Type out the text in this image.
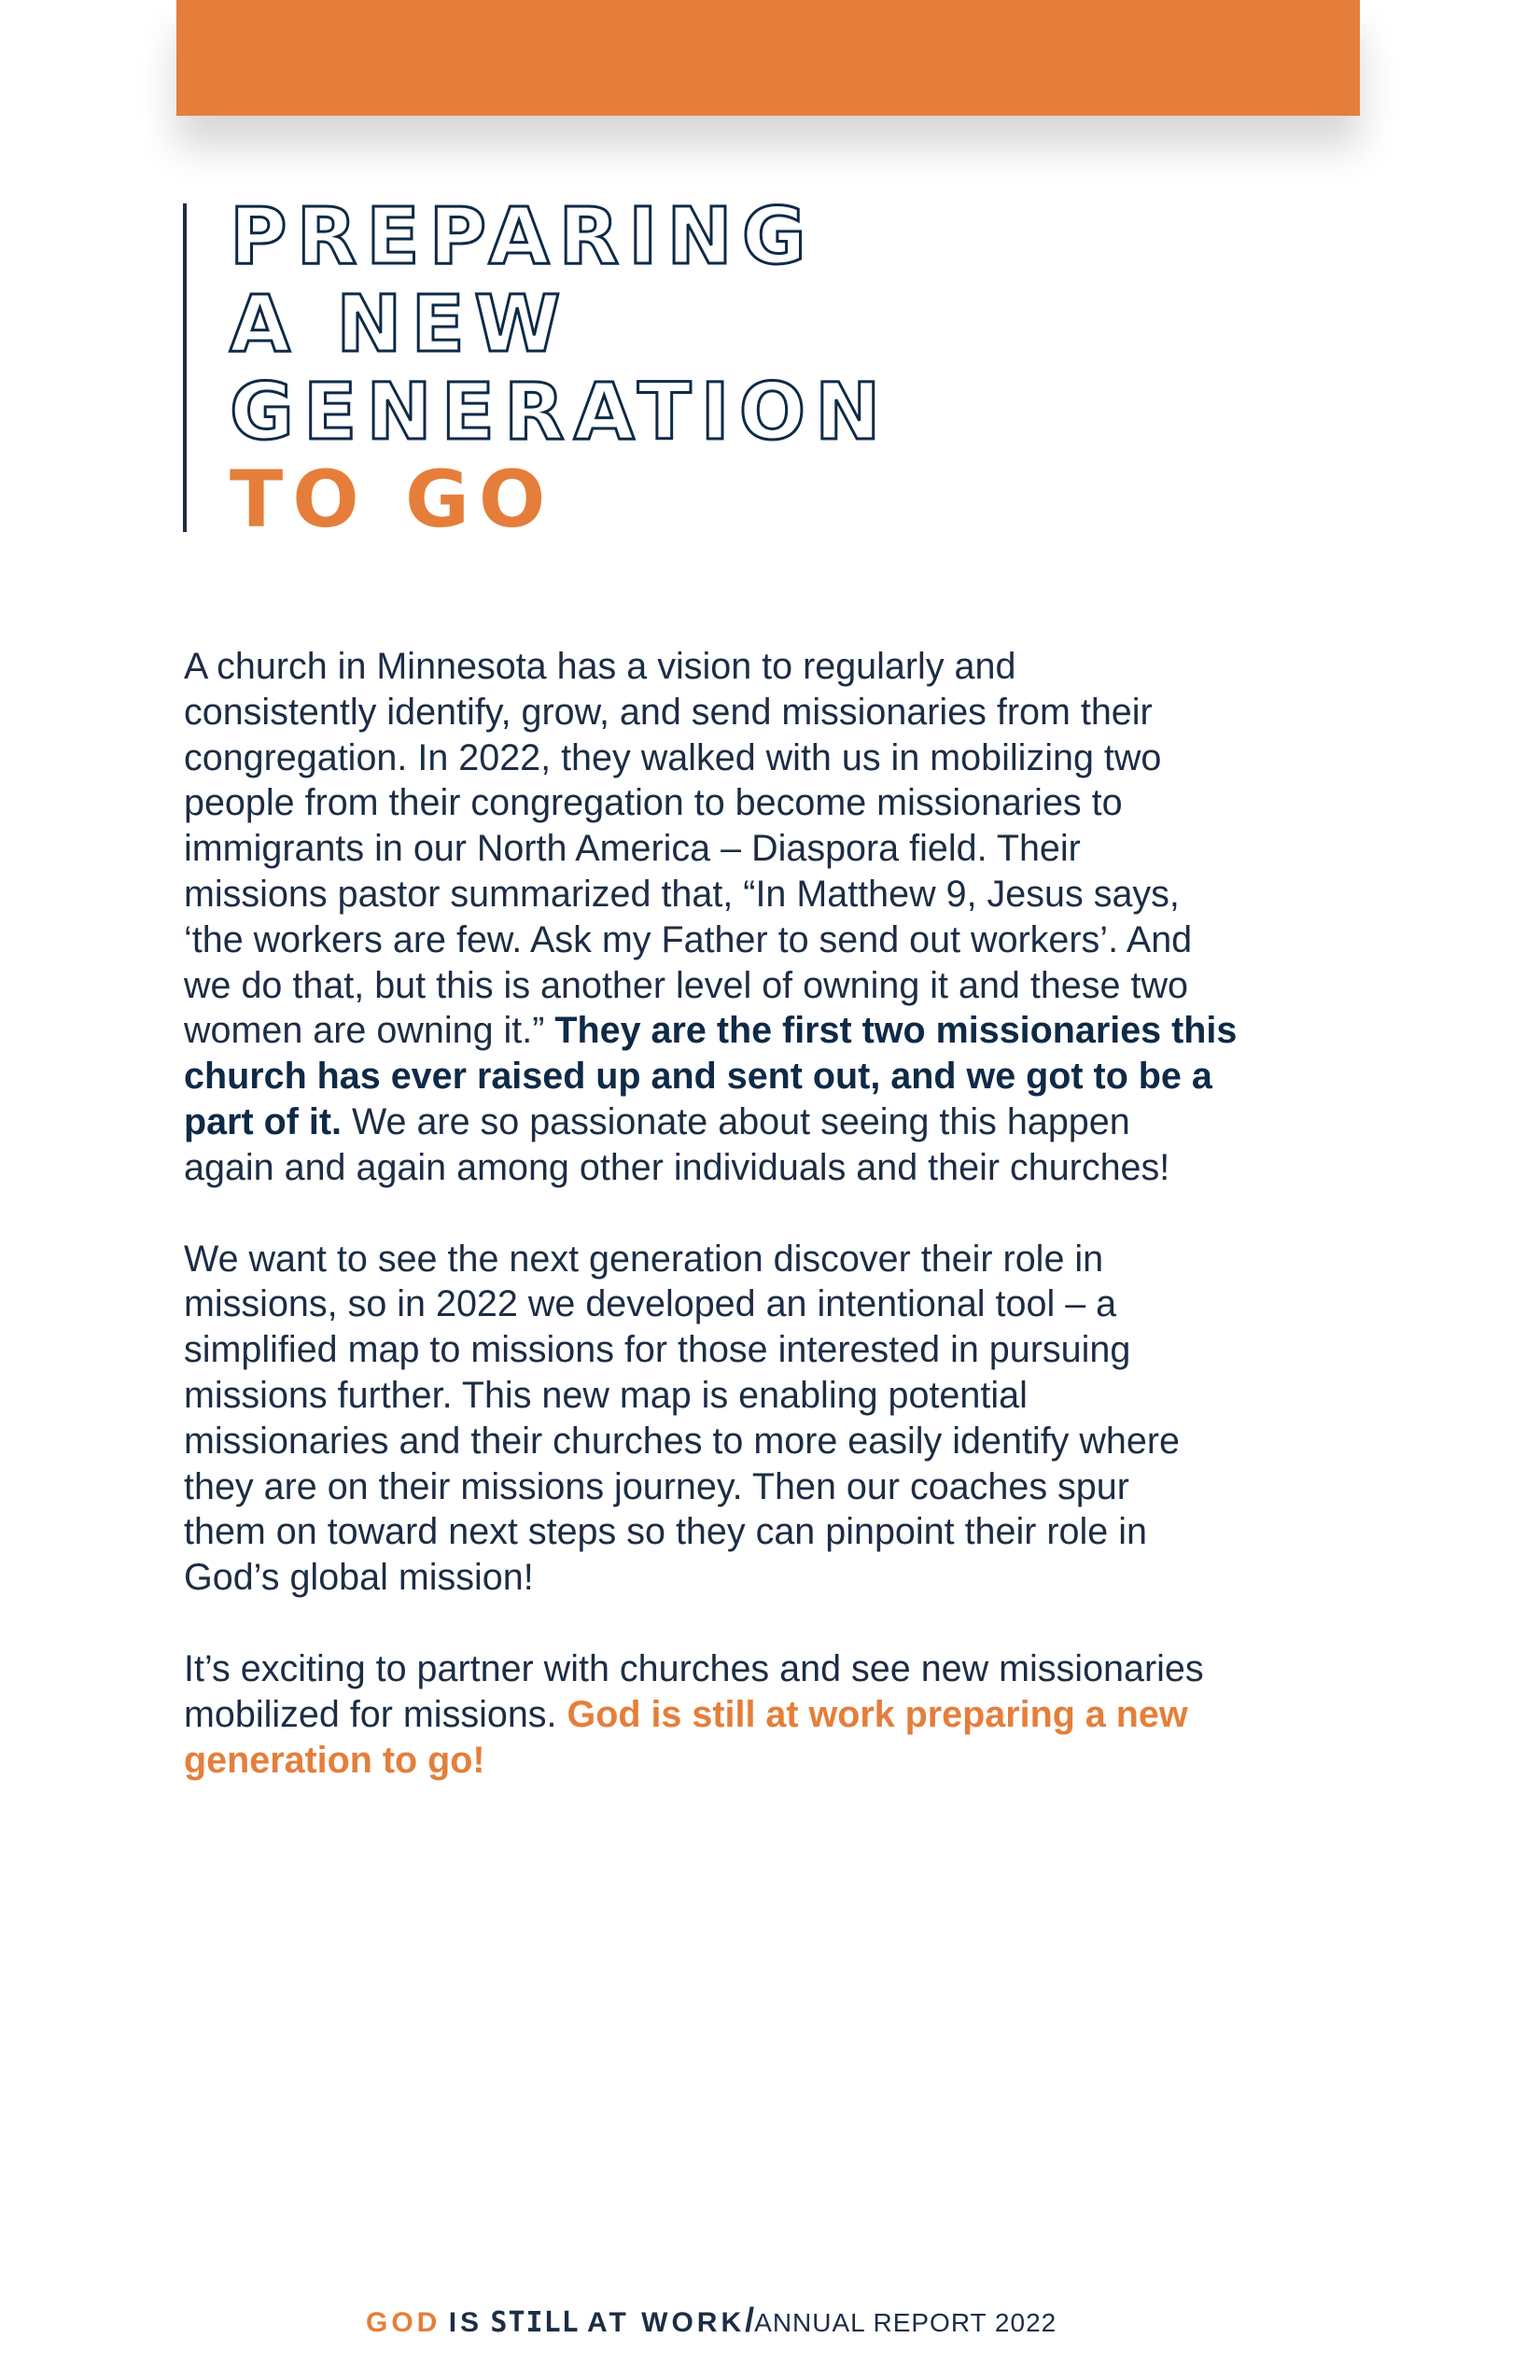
PREPARING
A NEW
GENERATION
TO GO

A church in Minnesota has a vision to regularly and
consistently identify, grow, and send missionaries from their
congregation. In 2022, they walked with us in mobilizing two
people from their congregation to become missionaries to
immigrants in our North America – Diaspora field. Their
missions pastor summarized that, “In Matthew 9, Jesus says,
‘the workers are few. Ask my Father to send out workers’. And
we do that, but this is another level of owning it and these two
women are owning it.” They are the first two missionaries this
church has ever raised up and sent out, and we got to be a
part of it. We are so passionate about seeing this happen
again and again among other individuals and their churches!

We want to see the next generation discover their role in
missions, so in 2022 we developed an intentional tool – a
simplified map to missions for those interested in pursuing
missions further. This new map is enabling potential
missionaries and their churches to more easily identify where
they are on their missions journey. Then our coaches spur
them on toward next steps so they can pinpoint their role in
God’s global mission!

It’s exciting to partner with churches and see new missionaries
mobilized for missions. God is still at work preparing a new
generation to go!

GOD IS STILL AT WORK/ANNUAL REPORT 2022
